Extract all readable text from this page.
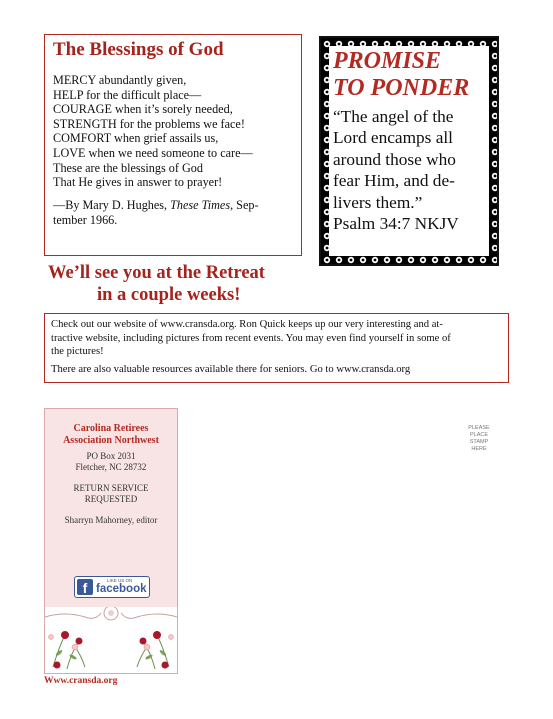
The Blessings of God
MERCY abundantly given,
HELP for the difficult place—
COURAGE when it’s sorely needed,
STRENGTH for the problems we face!
COMFORT when grief assails us,
LOVE when we need someone to care—
These are the blessings of God
That He gives in answer to prayer!
—By Mary D. Hughes, These Times, Sep-
tember 1966.
PROMISE
TO PONDER
“The angel of the
Lord encamps all
around those who
fear Him, and de-
livers them.”
Psalm 34:7 NKJV
We’ll see you at the Retreat
in a couple weeks!

Check out our website of www.cransda.org. Ron Quick keeps up our very interesting and at-
tractive website, including pictures from recent events. You may even find yourself in some of
the pictures!

There are also valuable resources available there for seniors. Go to www.cransda.org

Carolina Retirees
Association Northwest
PO Box 2031
Fletcher, NC 28732
RETURN SERVICE
REQUESTED
Sharryn Mahorney, editor
f	LIKE US ON
facebook
Www.cransda.org
PLEASE
PLACE
STAMP
HERE
